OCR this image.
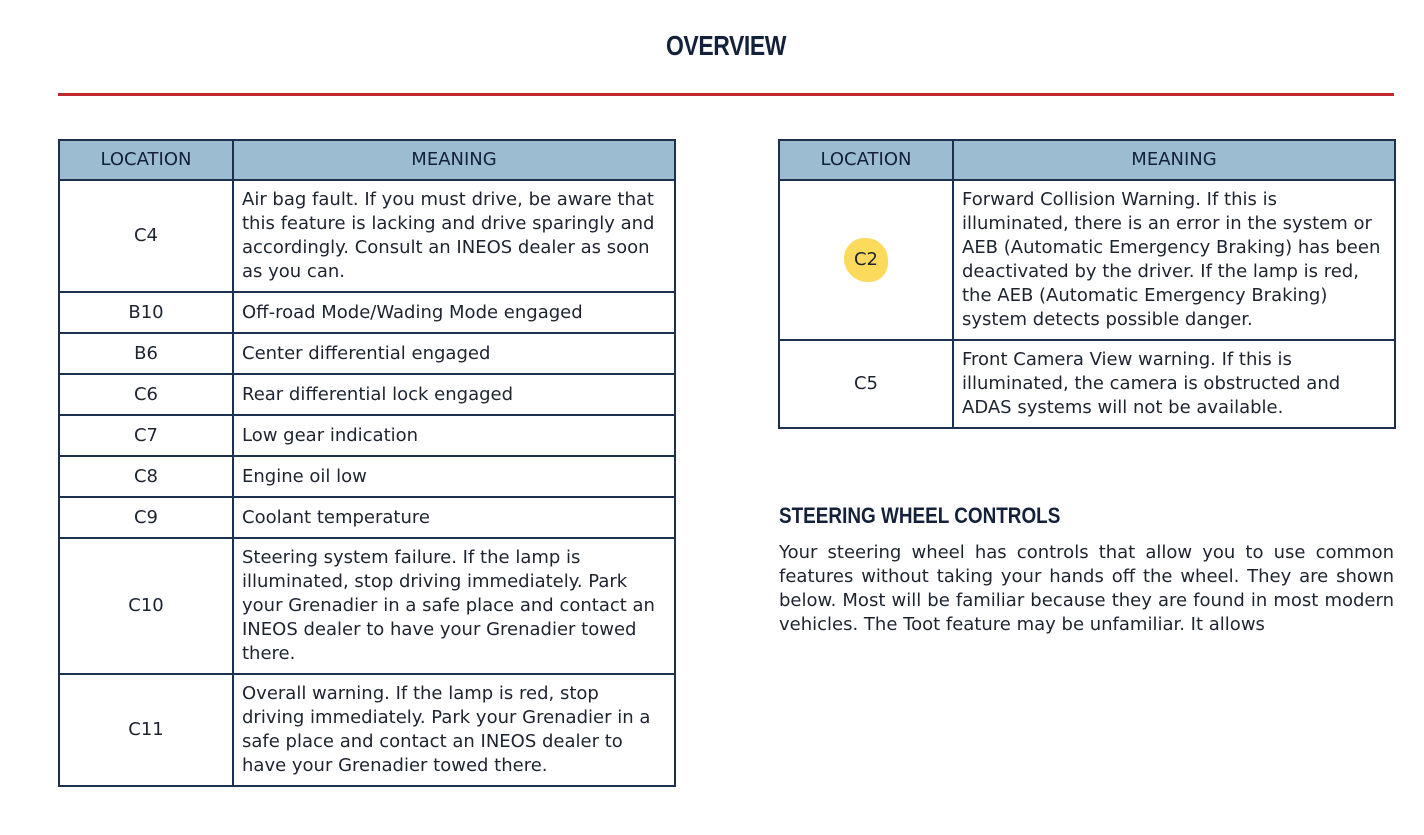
OVERVIEW
LOCATION	MEANING
C4	Air bag fault. If you must drive, be aware that this feature is lacking and drive sparingly and accordingly. Consult an INEOS dealer as soon as you can.
B10	Off-road Mode/Wading Mode engaged
B6	Center differential engaged
C6	Rear differential lock engaged
C7	Low gear indication
C8	Engine oil low
C9	Coolant temperature
C10	Steering system failure. If the lamp is illuminated, stop driving immediately. Park your Grenadier in a safe place and contact an INEOS dealer to have your Grenadier towed there.
C11	Overall warning. If the lamp is red, stop driving immediately. Park your Grenadier in a safe place and contact an INEOS dealer to have your Grenadier towed there.
LOCATION	MEANING
C2	Forward Collision Warning. If this is illuminated, there is an error in the system or AEB (Automatic Emergency Braking) has been deactivated by the driver. If the lamp is red, the AEB (Automatic Emergency Braking) system detects possible danger.
C5	Front Camera View warning. If this is illuminated, the camera is obstructed and ADAS systems will not be available.
STEERING WHEEL CONTROLS
Your steering wheel has controls that allow you to use common features without taking your hands off the wheel. They are shown below. Most will be familiar because they are found in most modern vehicles. The Toot feature may be unfamiliar. It allows
